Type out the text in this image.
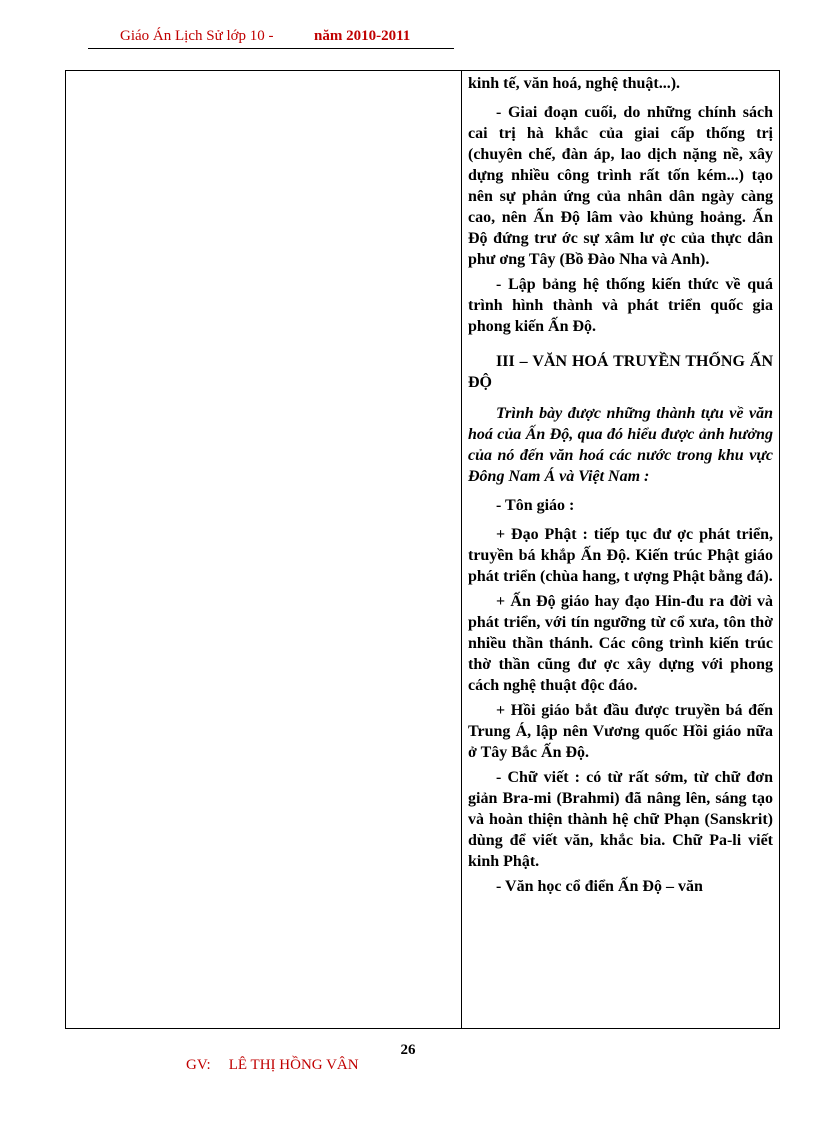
Giáo Án Lịch Sử lớp 10 -	năm 2010-2011

kinh tế, văn hoá, nghệ thuật...).

- Giai đoạn cuối, do những chính sách cai trị hà khắc của giai cấp thống trị (chuyên chế, đàn áp, lao dịch nặng nề, xây dựng nhiều công trình rất tốn kém...) tạo nên sự phản ứng của nhân dân ngày càng cao, nên Ấn Độ lâm vào khủng hoảng. Ấn Độ đứng trư ớc sự xâm lư ợc của thực dân phư ơng Tây (Bồ Đào Nha và Anh).

- Lập bảng hệ thống kiến thức về quá trình hình thành và phát triển quốc gia phong kiến Ấn Độ.

III – VĂN HOÁ TRUYỀN THỐNG ẤN ĐỘ

Trình bày được những thành tựu về văn hoá của Ấn Độ, qua đó hiểu được ảnh hưởng của nó đến văn hoá các nước trong khu vực Đông Nam Á và Việt Nam :

- Tôn giáo :

+ Đạo Phật : tiếp tục đư ợc phát triển, truyền bá khắp Ấn Độ. Kiến trúc Phật giáo phát triển (chùa hang, t ượng Phật bằng đá).

+ Ấn Độ giáo hay đạo Hin-đu ra đời và phát triển, với tín ngưỡng từ cổ xưa, tôn thờ nhiều thần thánh. Các công trình kiến trúc thờ thần cũng đư ợc xây dựng với phong cách nghệ thuật độc đáo.

+ Hồi giáo bắt đầu được truyền bá đến Trung Á, lập nên Vương quốc Hồi giáo nữa ở Tây Bắc Ấn Độ.

- Chữ viết : có từ rất sớm, từ chữ đơn giản Bra-mi (Brahmi) đã nâng lên, sáng tạo và hoàn thiện thành hệ chữ Phạn (Sanskrit) dùng để viết văn, khắc bia. Chữ Pa-li viết kinh Phật.

- Văn học cổ điển Ấn Độ – văn

26
GV: LÊ THỊ HỒNG VÂN
